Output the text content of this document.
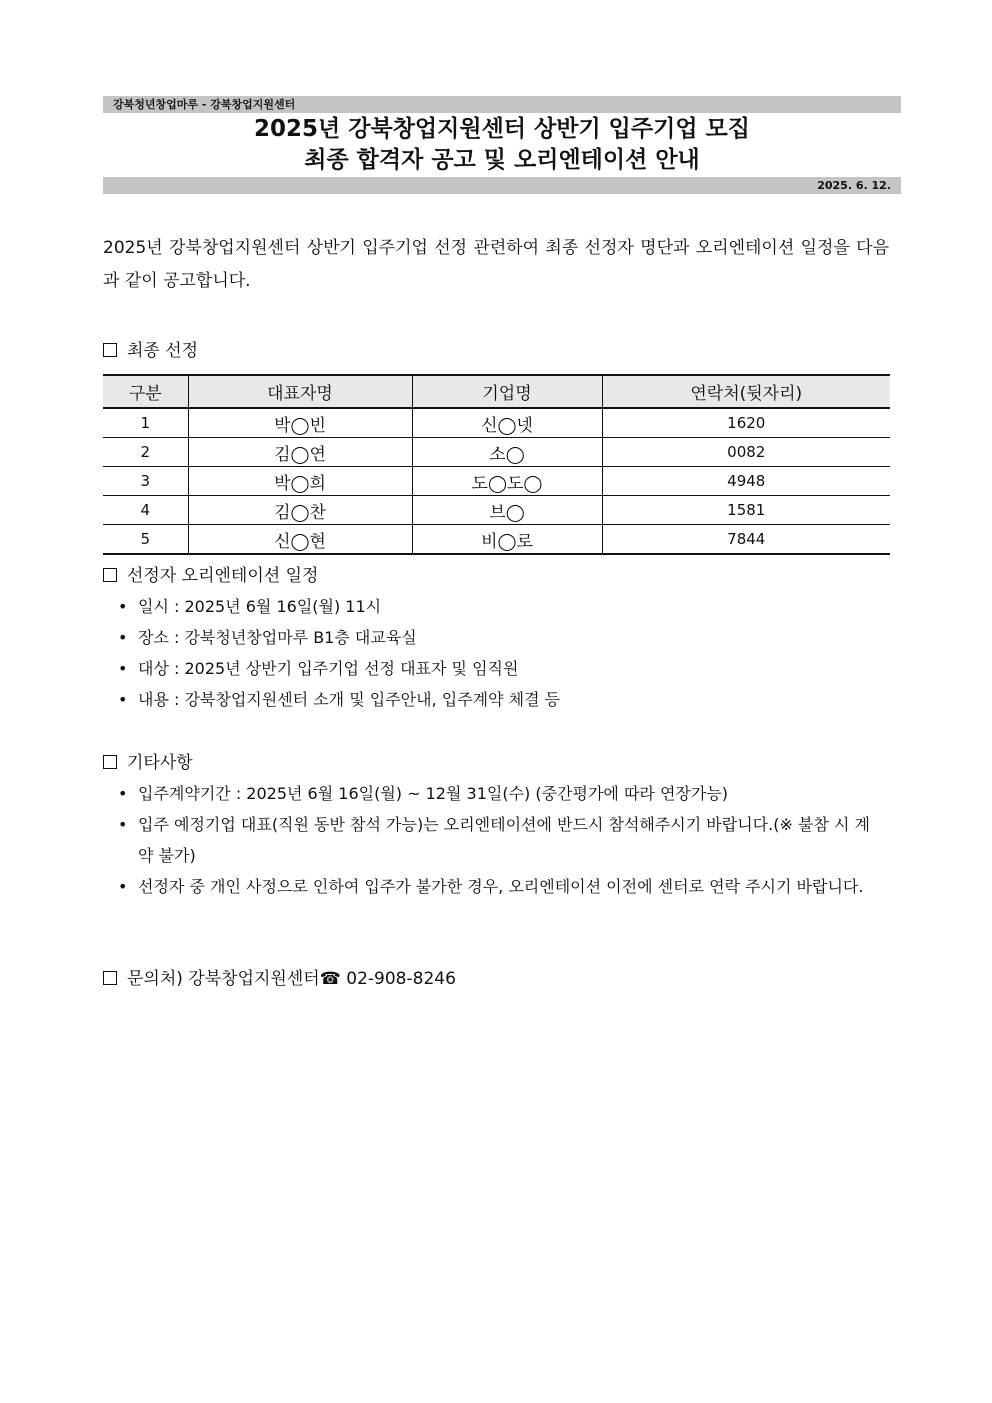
강북청년창업마루 - 강북창업지원센터
2025년 강북창업지원센터 상반기 입주기업 모집
최종 합격자 공고 및 오리엔테이션 안내
2025. 6. 12.
2025년 강북창업지원센터 상반기 입주기업 선정 관련하여 최종 선정자 명단과 오리엔테이션 일정을 다음과 같이 공고합니다.
최종 선정
구분	대표자명	기업명	연락처(뒷자리)
1	박◯빈	신◯넷	1620
2	김◯연	소◯	0082
3	박◯희	도◯도◯	4948
4	김◯찬	브◯	1581
5	신◯현	비◯로	7844
선정자 오리엔테이션 일정
• 일시 : 2025년 6월 16일(월) 11시
• 장소 : 강북청년창업마루 B1층 대교육실
• 대상 : 2025년 상반기 입주기업 선정 대표자 및 임직원
• 내용 : 강북창업지원센터 소개 및 입주안내, 입주계약 체결 등
기타사항
• 입주계약기간 : 2025년 6월 16일(월) ~ 12월 31일(수) (중간평가에 따라 연장가능)
• 입주 예정기업 대표(직원 동반 참석 가능)는 오리엔테이션에 반드시 참석해주시기 바랍니다.(※ 불참 시 계약 불가)
• 선정자 중 개인 사정으로 인하여 입주가 불가한 경우, 오리엔테이션 이전에 센터로 연락 주시기 바랍니다.
문의처) 강북창업지원센터☎ 02-908-8246
